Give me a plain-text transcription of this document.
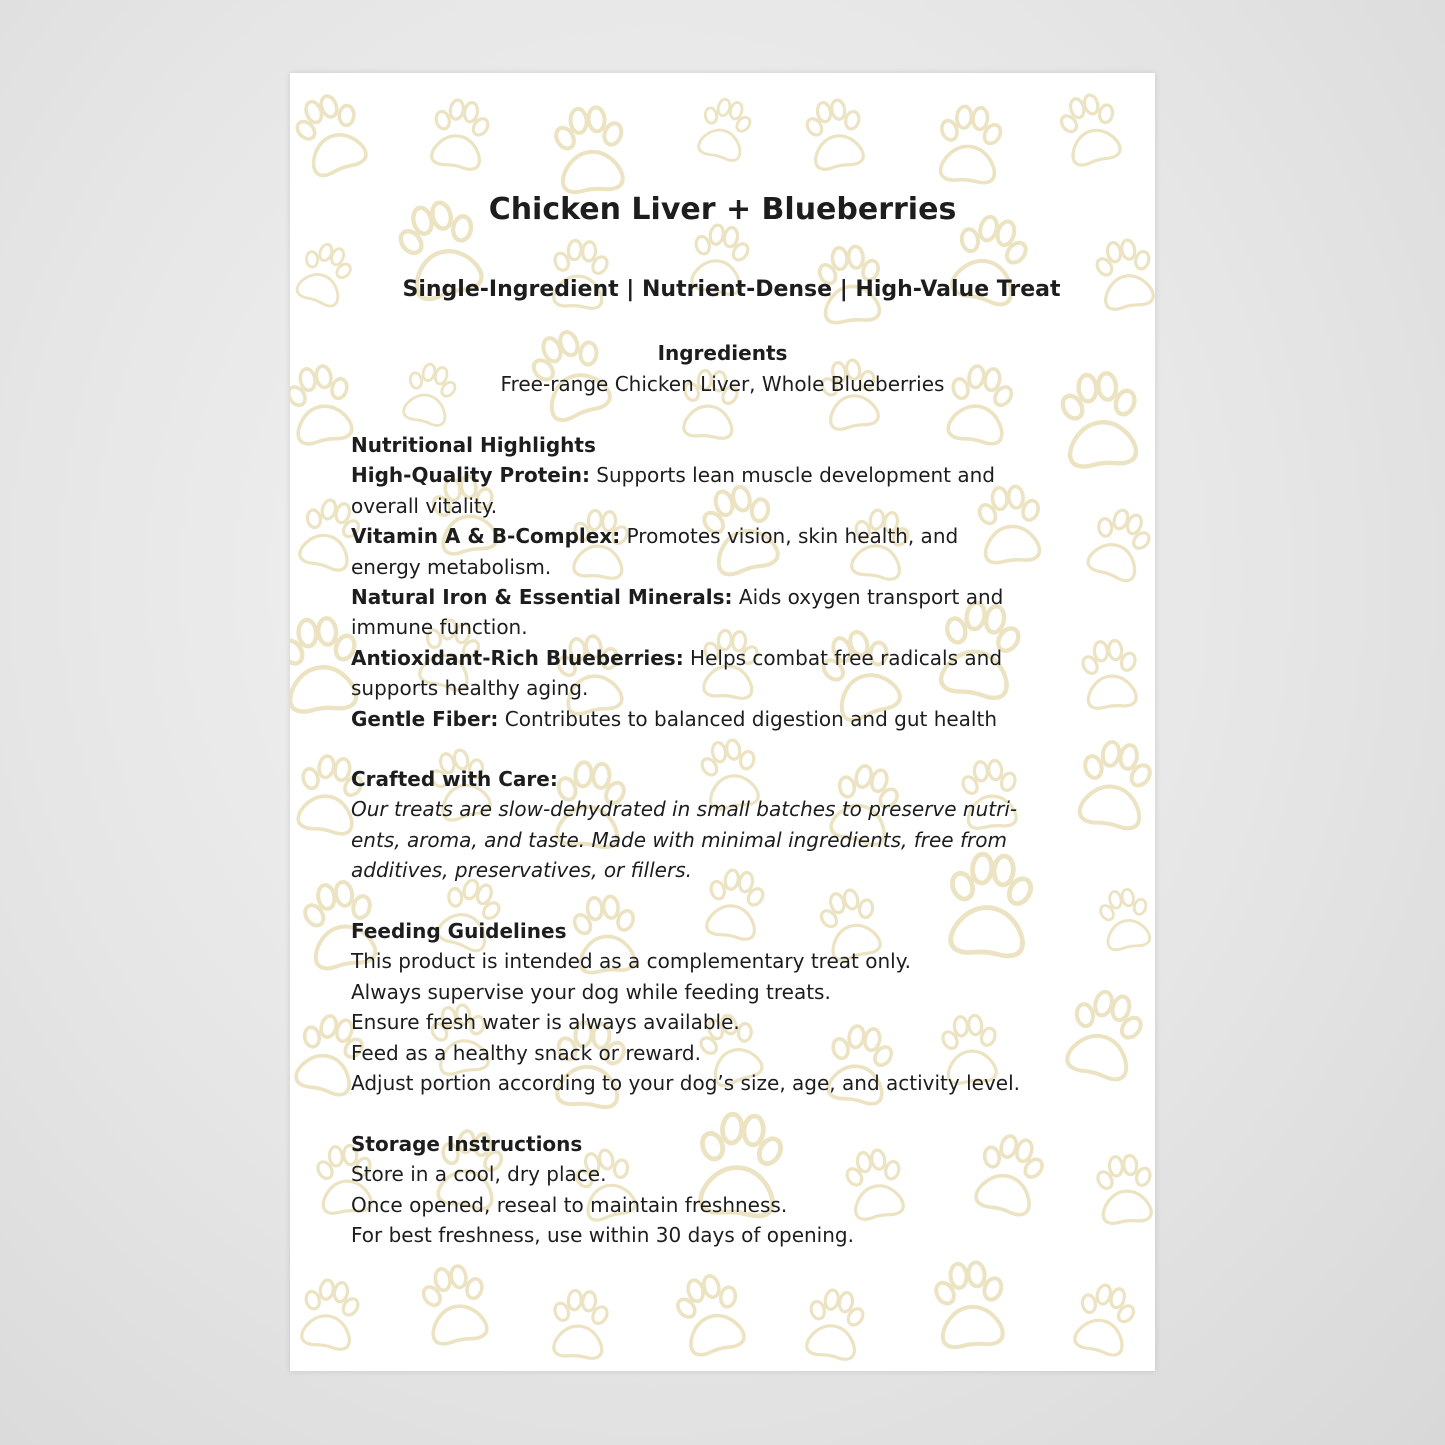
Chicken Liver + Blueberries
Single-Ingredient | Nutrient-Dense | High-Value Treat
Ingredients
Free-range Chicken Liver, Whole Blueberries
Nutritional Highlights
High-Quality Protein: Supports lean muscle development and
overall vitality.
Vitamin A & B-Complex: Promotes vision, skin health, and
energy metabolism.
Natural Iron & Essential Minerals: Aids oxygen transport and
immune function.
Antioxidant-Rich Blueberries: Helps combat free radicals and
supports healthy aging.
Gentle Fiber: Contributes to balanced digestion and gut health
Crafted with Care:
Our treats are slow-dehydrated in small batches to preserve nutri-
ents, aroma, and taste. Made with minimal ingredients, free from
additives, preservatives, or fillers.
Feeding Guidelines
This product is intended as a complementary treat only.
Always supervise your dog while feeding treats.
Ensure fresh water is always available.
Feed as a healthy snack or reward.
Adjust portion according to your dog’s size, age, and activity level.
Storage Instructions
Store in a cool, dry place.
Once opened, reseal to maintain freshness.
For best freshness, use within 30 days of opening.
